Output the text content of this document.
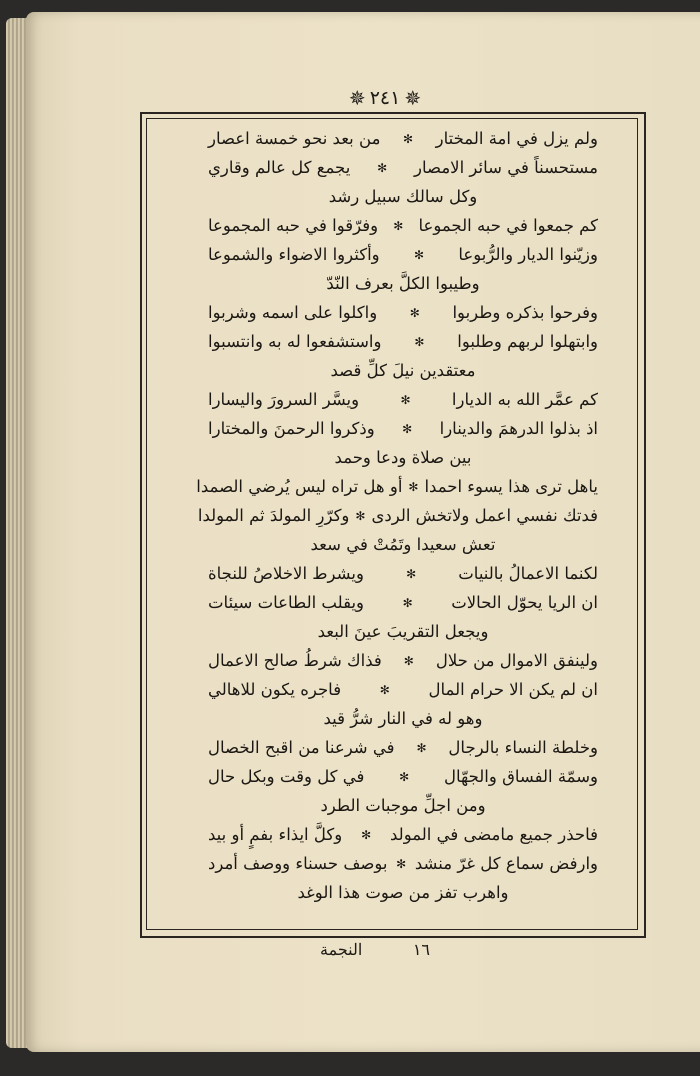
✵
٢٤١
✵
ولم يزل في امة المختار
✻
من بعد نحو خمسة اعصار
مستحسناً في سائر الامصار
✻
يجمع كل عالم وقاري
وكل سالك سبيل رشد
كم جمعوا في حبه الجموعا
✻
وفرّقوا في حبه المجموعا
وزيّنوا الديار والرُّبوعا
✻
وأكثروا الاضواء والشموعا
وطيبوا الكلَّ بعرف النّدّ
وفرحوا بذكره وطربوا
✻
واكلوا على اسمه وشربوا
وابتهلوا لربهم وطلبوا
✻
واستشفعوا له به وانتسبوا
معتقدين نيلَ كلِّ قصد
كم عمَّر الله به الديارا
✻
ويسَّر السرورَ واليسارا
اذ بذلوا الدرهمَ والدينارا
✻
وذكروا الرحمنَ والمختارا
بين صلاة ودعا وحمد
ياهل ترى هذا يسوء احمدا
✻
أو هل تراه ليس يُرضي الصمدا
فدتك نفسي اعمل ولاتخش الردى
✻
وكرّرِ المولدَ ثم المولدا
تعش سعيدا وتَمُتْ في سعد
لكنما الاعمالُ بالنيات
✻
ويشرط الاخلاصُ للنجاة
ان الريا يحوّل الحالات
✻
ويقلب الطاعات سيئات
ويجعل التقريبَ عينَ البعد
ولينفق الاموال من حلال
✻
فذاك شرطُ صالح الاعمال
ان لم يكن الا حرام المال
✻
فاجره يكون للاهالي
وهو له في النار شرُّ قيد
وخلطة النساء بالرجال
✻
في شرعنا من اقبح الخصال
وسمّة الفساق والجهّال
✻
في كل وقت وبكل حال
ومن اجلِّ موجبات الطرد
فاحذر جميع مامضى في المولد
✻
وكلَّ ايذاء بفمٍ أو بيد
وارفض سماع كل غرّ منشد
✻
بوصف حسناء ووصف أمرد
واهرب تفز من صوت هذا الوغد
١٦
النجمة
